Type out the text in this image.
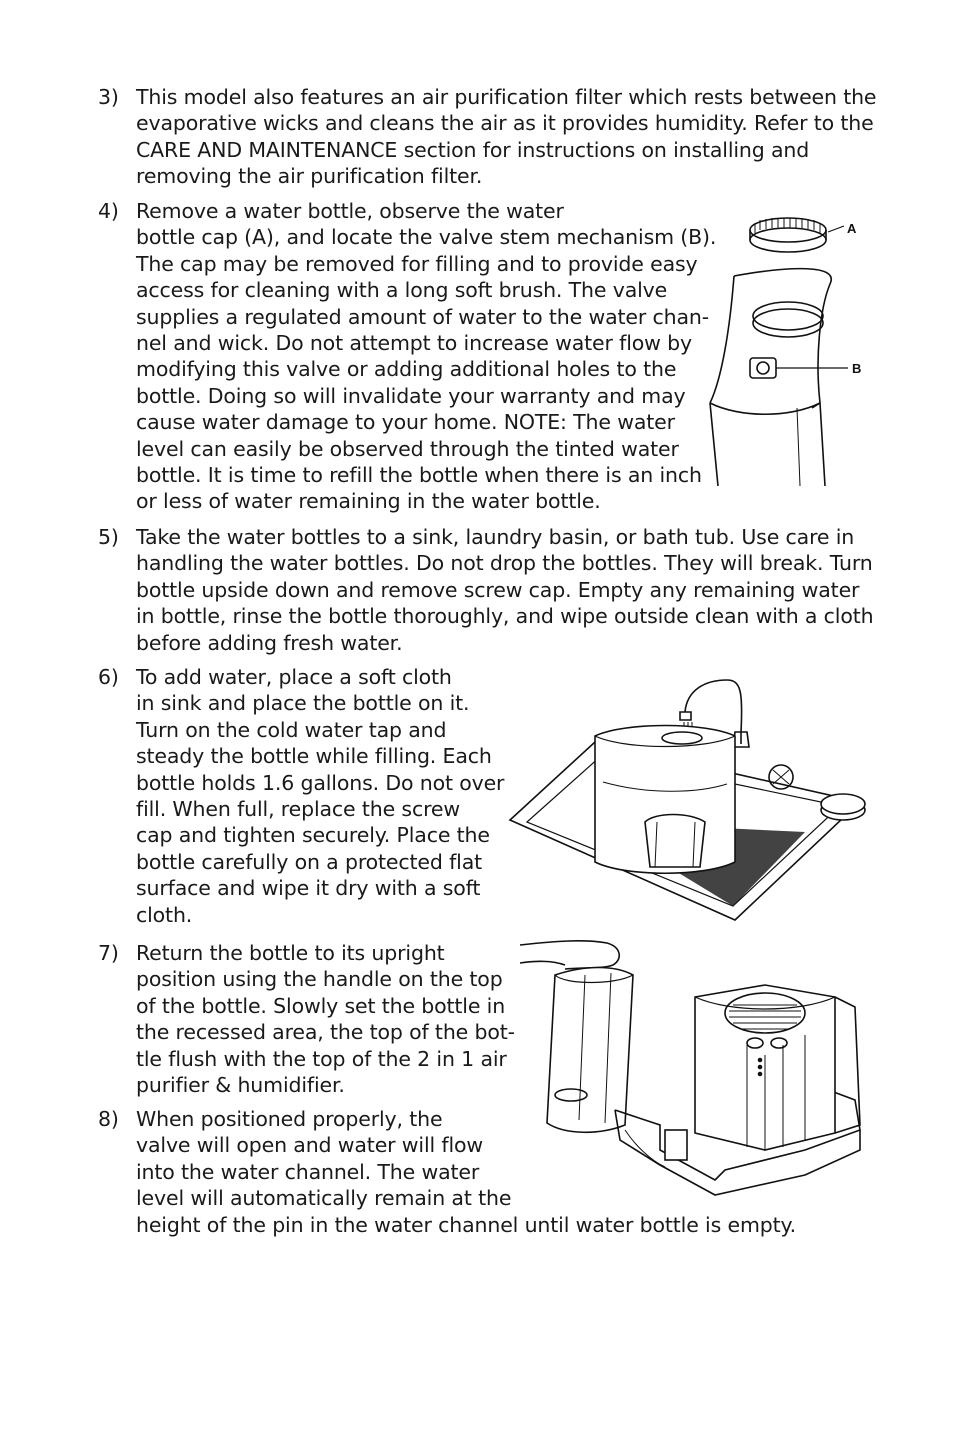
3) This model also features an air purification filter which rests between the
evaporative wicks and cleans the air as it provides humidity. Refer to the
CARE AND MAINTENANCE section for instructions on installing and
removing the air purification filter.
4) Remove a water bottle, observe the water
bottle cap (A), and locate the valve stem mechanism (B).
The cap may be removed for filling and to provide easy
access for cleaning with a long soft brush. The valve
supplies a regulated amount of water to the water chan-
nel and wick. Do not attempt to increase water flow by
modifying this valve or adding additional holes to the
bottle. Doing so will invalidate your warranty and may
cause water damage to your home. NOTE: The water
level can easily be observed through the tinted water
bottle. It is time to refill the bottle when there is an inch
or less of water remaining in the water bottle.
A
B
5) Take the water bottles to a sink, laundry basin, or bath tub. Use care in
handling the water bottles. Do not drop the bottles. They will break. Turn
bottle upside down and remove screw cap. Empty any remaining water
in bottle, rinse the bottle thoroughly, and wipe outside clean with a cloth
before adding fresh water.
6) To add water, place a soft cloth
in sink and place the bottle on it.
Turn on the cold water tap and
steady the bottle while filling. Each
bottle holds 1.6 gallons. Do not over
fill. When full, replace the screw
cap and tighten securely. Place the
bottle carefully on a protected flat
surface and wipe it dry with a soft
cloth.
7) Return the bottle to its upright
position using the handle on the top
of the bottle. Slowly set the bottle in
the recessed area, the top of the bot-
tle flush with the top of the 2 in 1 air
purifier & humidifier.
8) When positioned properly, the
valve will open and water will flow
into the water channel. The water
level will automatically remain at the
height of the pin in the water channel until water bottle is empty.
